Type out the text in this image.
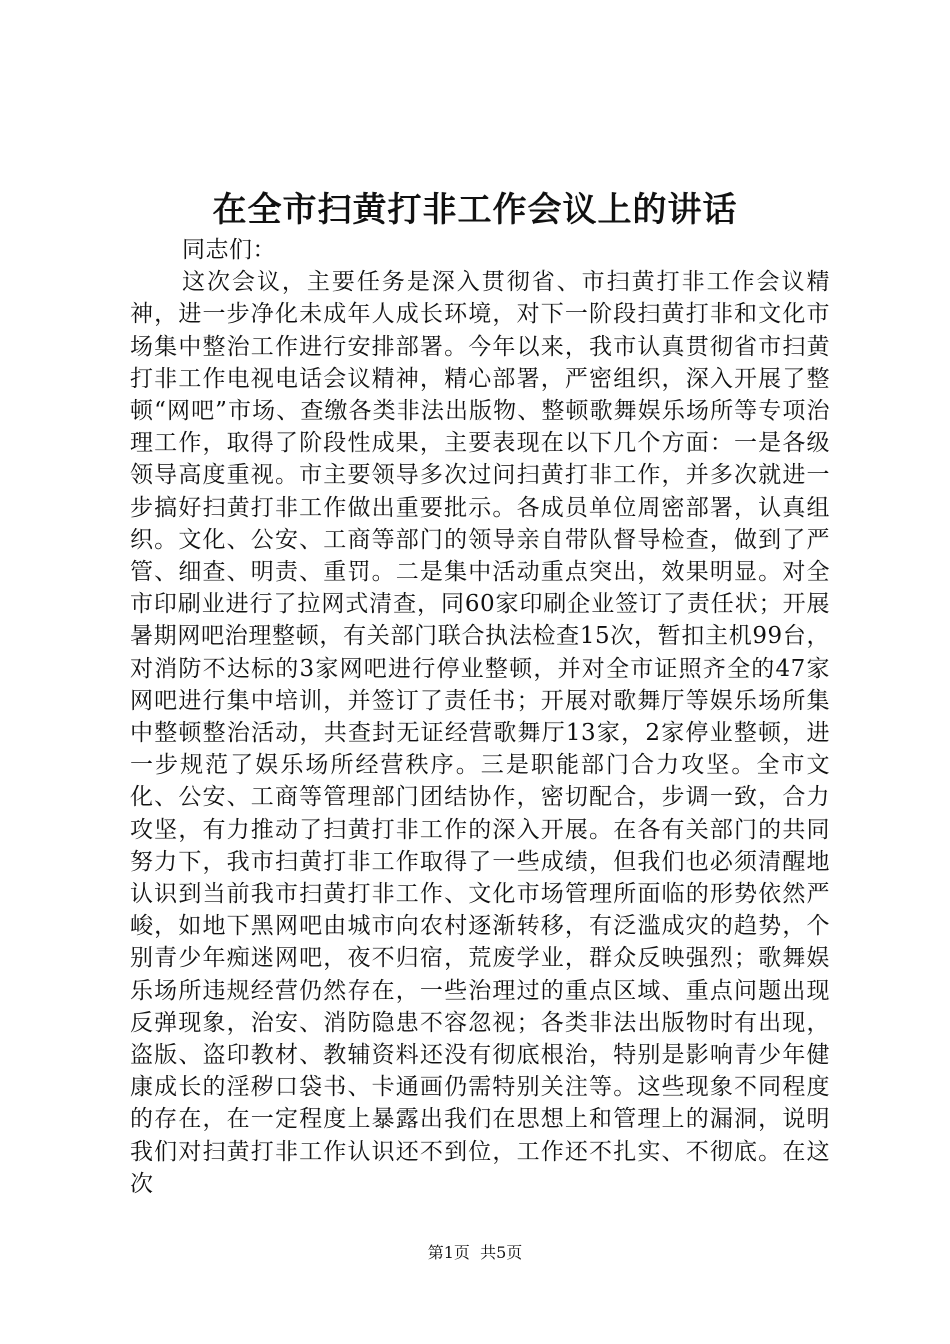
在全市扫黄打非工作会议上的讲话

同志们：

这次会议，主要任务是深入贯彻省、市扫黄打非工作会议精神，进一步净化未成年人成长环境，对下一阶段扫黄打非和文化市场集中整治工作进行安排部署。今年以来，我市认真贯彻省市扫黄打非工作电视电话会议精神，精心部署，严密组织，深入开展了整顿“网吧”市场、查缴各类非法出版物、整顿歌舞娱乐场所等专项治理工作，取得了阶段性成果，主要表现在以下几个方面：一是各级领导高度重视。市主要领导多次过问扫黄打非工作，并多次就进一步搞好扫黄打非工作做出重要批示。各成员单位周密部署，认真组织。文化、公安、工商等部门的领导亲自带队督导检查，做到了严管、细查、明责、重罚。二是集中活动重点突出，效果明显。对全市印刷业进行了拉网式清查，同60家印刷企业签订了责任状；开展暑期网吧治理整顿，有关部门联合执法检查15次，暂扣主机99台，对消防不达标的3家网吧进行停业整顿，并对全市证照齐全的47家网吧进行集中培训，并签订了责任书；开展对歌舞厅等娱乐场所集中整顿整治活动，共查封无证经营歌舞厅13家，2家停业整顿，进一步规范了娱乐场所经营秩序。三是职能部门合力攻坚。全市文化、公安、工商等管理部门团结协作，密切配合，步调一致，合力攻坚，有力推动了扫黄打非工作的深入开展。在各有关部门的共同努力下，我市扫黄打非工作取得了一些成绩，但我们也必须清醒地认识到当前我市扫黄打非工作、文化市场管理所面临的形势依然严峻，如地下黑网吧由城市向农村逐渐转移，有泛滥成灾的趋势，个别青少年痴迷网吧，夜不归宿，荒废学业，群众反映强烈；歌舞娱乐场所违规经营仍然存在，一些治理过的重点区域、重点问题出现反弹现象，治安、消防隐患不容忽视；各类非法出版物时有出现，盗版、盗印教材、教辅资料还没有彻底根治，特别是影响青少年健康成长的淫秽口袋书、卡通画仍需特别关注等。这些现象不同程度的存在，在一定程度上暴露出我们在思想上和管理上的漏洞，说明我们对扫黄打非工作认识还不到位，工作还不扎实、不彻底。在这次

第1页  共5页
